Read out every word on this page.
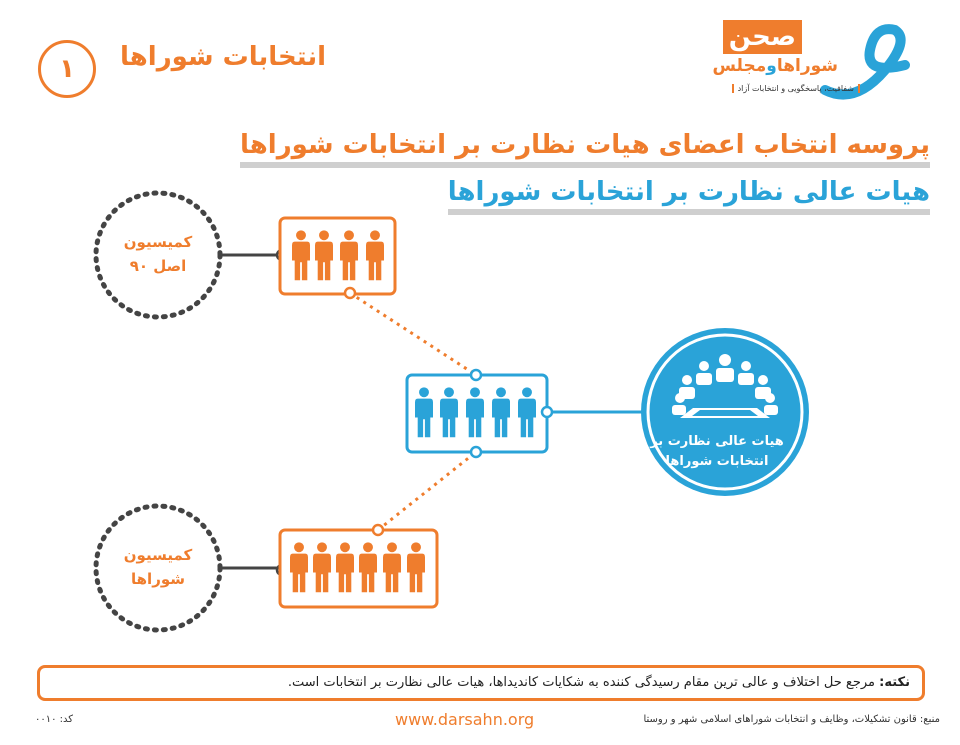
۱ انتخابات شوراها
صحن
شوراهاومجلس
شفافیت، پاسخگویی و انتخابات آزاد
پروسه انتخاب اعضای هیات نظارت بر انتخابات شوراها
هیات عالی نظارت بر انتخابات شوراها
کمیسیون
اصل ۹۰
کمیسیون
شوراها
هیات عالی نظارت بر
انتخابات شوراها
نکته: مرجع حل اختلاف و عالی ترین مقام رسیدگی کننده به شکایات کاندیداها، هیات عالی نظارت بر انتخابات است.
www.darsahn.org	منبع: قانون تشکیلات، وظایف و انتخابات شوراهای اسلامی شهر و روستا
کد: ۰۰۱۰
